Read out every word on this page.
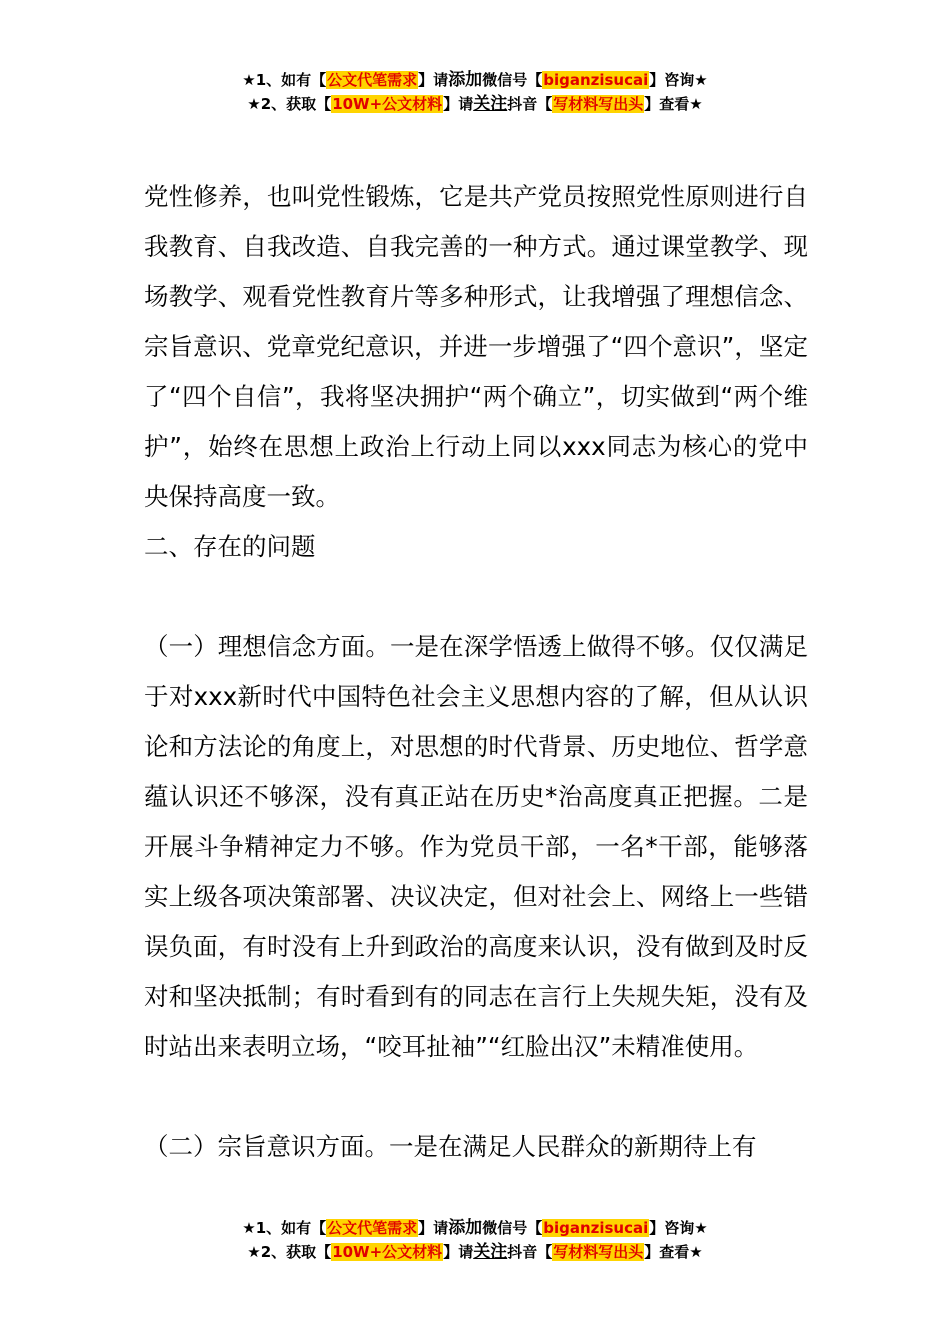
★1、如有【公文代笔需求】请添加微信号【biganzisucai】咨询★
★2、获取【10W+公文材料】请关注抖音【写材料写出头】查看★

党性修养，也叫党性锻炼，它是共产党员按照党性原则进行自我教育、自我改造、自我完善的一种方式。通过课堂教学、现场教学、观看党性教育片等多种形式，让我增强了理想信念、宗旨意识、党章党纪意识，并进一步增强了“四个意识”，坚定了“四个自信”，我将坚决拥护“两个确立”，切实做到“两个维护”，始终在思想上政治上行动上同以xxx同志为核心的党中央保持高度一致。

二、存在的问题

（一）理想信念方面。一是在深学悟透上做得不够。仅仅满足于对xxx新时代中国特色社会主义思想内容的了解，但从认识论和方法论的角度上，对思想的时代背景、历史地位、哲学意蕴认识还不够深，没有真正站在历史*治高度真正把握。二是开展斗争精神定力不够。作为党员干部，一名*干部，能够落实上级各项决策部署、决议决定，但对社会上、网络上一些错误负面，有时没有上升到政治的高度来认识，没有做到及时反对和坚决抵制；有时看到有的同志在言行上失规失矩，没有及时站出来表明立场，“咬耳扯袖”“红脸出汉”未精准使用。

（二）宗旨意识方面。一是在满足人民群众的新期待上有

★1、如有【公文代笔需求】请添加微信号【biganzisucai】咨询★
★2、获取【10W+公文材料】请关注抖音【写材料写出头】查看★
